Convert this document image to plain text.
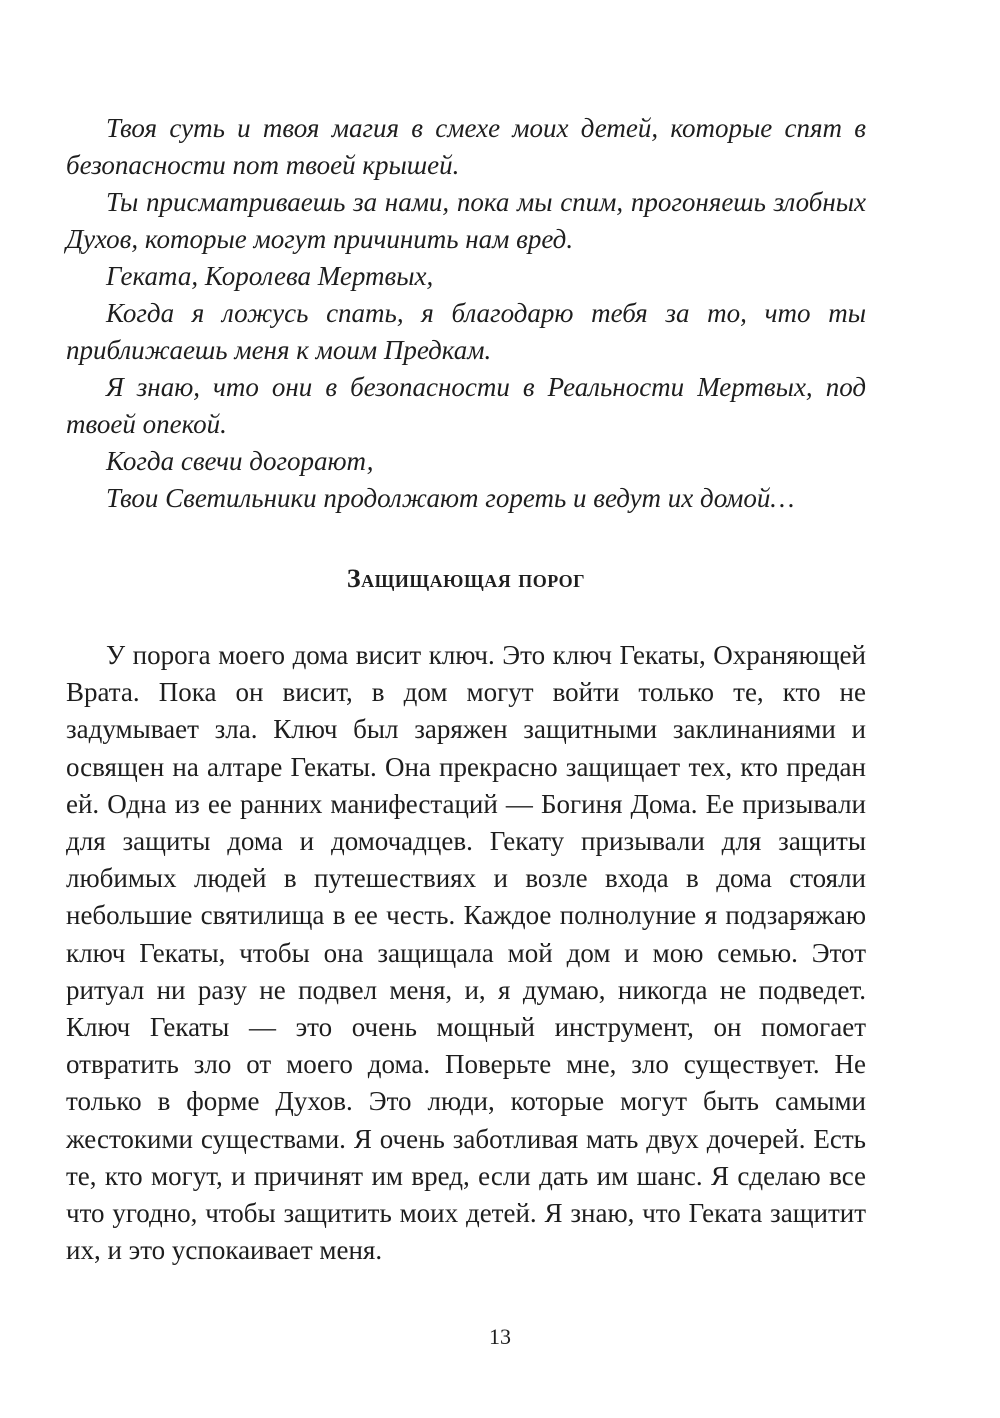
Твоя суть и твоя магия в смехе моих детей, которые спят в безопасности пот твоей крышей.

Ты присматриваешь за нами, пока мы спим, прогоняешь злобных Духов, которые могут причинить нам вред.

Геката, Королева Мертвых,

Когда я ложусь спать, я благодарю тебя за то, что ты приближаешь меня к моим Предкам.

Я знаю, что они в безопасности в Реальности Мертвых, под твоей опекой.

Когда свечи догорают,

Твои Светильники продолжают гореть и ведут их домой…

Защищающая порог

У порога моего дома висит ключ. Это ключ Гекаты, Охраняющей Врата. Пока он висит, в дом могут войти только те, кто не задумывает зла. Ключ был заряжен защитными заклинаниями и освящен на алтаре Гекаты. Она прекрасно защищает тех, кто предан ей. Одна из ее ранних манифестаций — Богиня Дома. Ее призывали для защиты дома и домочадцев. Гекату призывали для защиты любимых людей в путешествиях и возле входа в дома стояли небольшие святилища в ее честь. Каждое полнолуние я подзаряжаю ключ Гекаты, чтобы она защищала мой дом и мою семью. Этот ритуал ни разу не подвел меня, и, я думаю, никогда не подведет. Ключ Гекаты — это очень мощный инструмент, он помогает отвратить зло от моего дома. Поверьте мне, зло существует. Не только в форме Духов. Это люди, которые могут быть самыми жестокими существами. Я очень заботливая мать двух дочерей. Есть те, кто могут, и причинят им вред, если дать им шанс. Я сделаю все что угодно, чтобы защитить моих детей. Я знаю, что Геката защитит их, и это успокаивает меня.

13
